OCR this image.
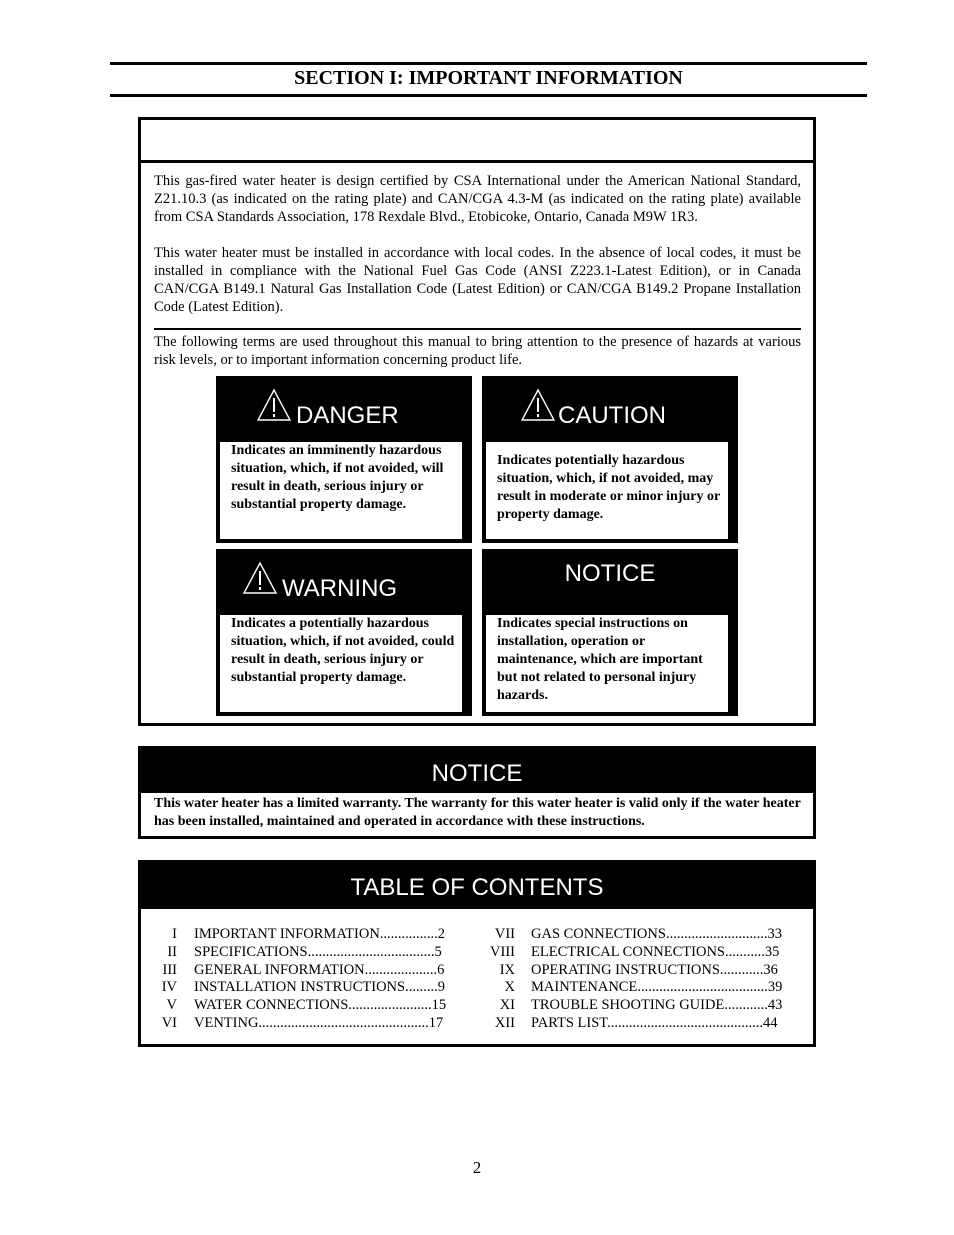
SECTION I: IMPORTANT INFORMATION
This gas-fired water heater is design certified by CSA International under the American National Standard, Z21.10.3 (as indicated on the rating plate) and CAN/CGA 4.3-M (as indicated on the rating plate) available from CSA Standards Association, 178 Rexdale Blvd., Etobicoke, Ontario, Canada M9W 1R3.
This water heater must be installed in accordance with local codes. In the absence of local codes, it must be installed in compliance with the National Fuel Gas Code (ANSI Z223.1-Latest Edition), or in Canada CAN/CGA B149.1 Natural Gas Installation Code (Latest Edition) or CAN/CGA B149.2 Propane Installation Code (Latest Edition).
The following terms are used throughout this manual to bring attention to the presence of hazards at various risk levels, or to important information concerning product life.
DANGER
Indicates an imminently hazardous situation, which, if not avoided, will result in death, serious injury or substantial property damage.
CAUTION
Indicates potentially hazardous situation, which, if not avoided, may result in moderate or minor injury or property damage.
WARNING
Indicates a potentially hazardous situation, which, if not avoided, could result in death, serious injury or substantial property damage.
NOTICE
Indicates special instructions on installation, operation or maintenance, which are important but not related to personal injury hazards.
NOTICE
This water heater has a limited warranty. The warranty for this water heater is valid only if the water heater has been installed, maintained and operated in accordance with these instructions.
TABLE OF CONTENTS
I IMPORTANT INFORMATION................2
II SPECIFICATIONS...................................5
III GENERAL INFORMATION....................6
IV INSTALLATION INSTRUCTIONS.........9
V WATER CONNECTIONS.......................15
VI VENTING...............................................17
VII GAS CONNECTIONS............................33
VIII ELECTRICAL CONNECTIONS...........35
IX OPERATING INSTRUCTIONS............36
X MAINTENANCE....................................39
XI TROUBLE SHOOTING GUIDE............43
XII PARTS LIST...........................................44
2
